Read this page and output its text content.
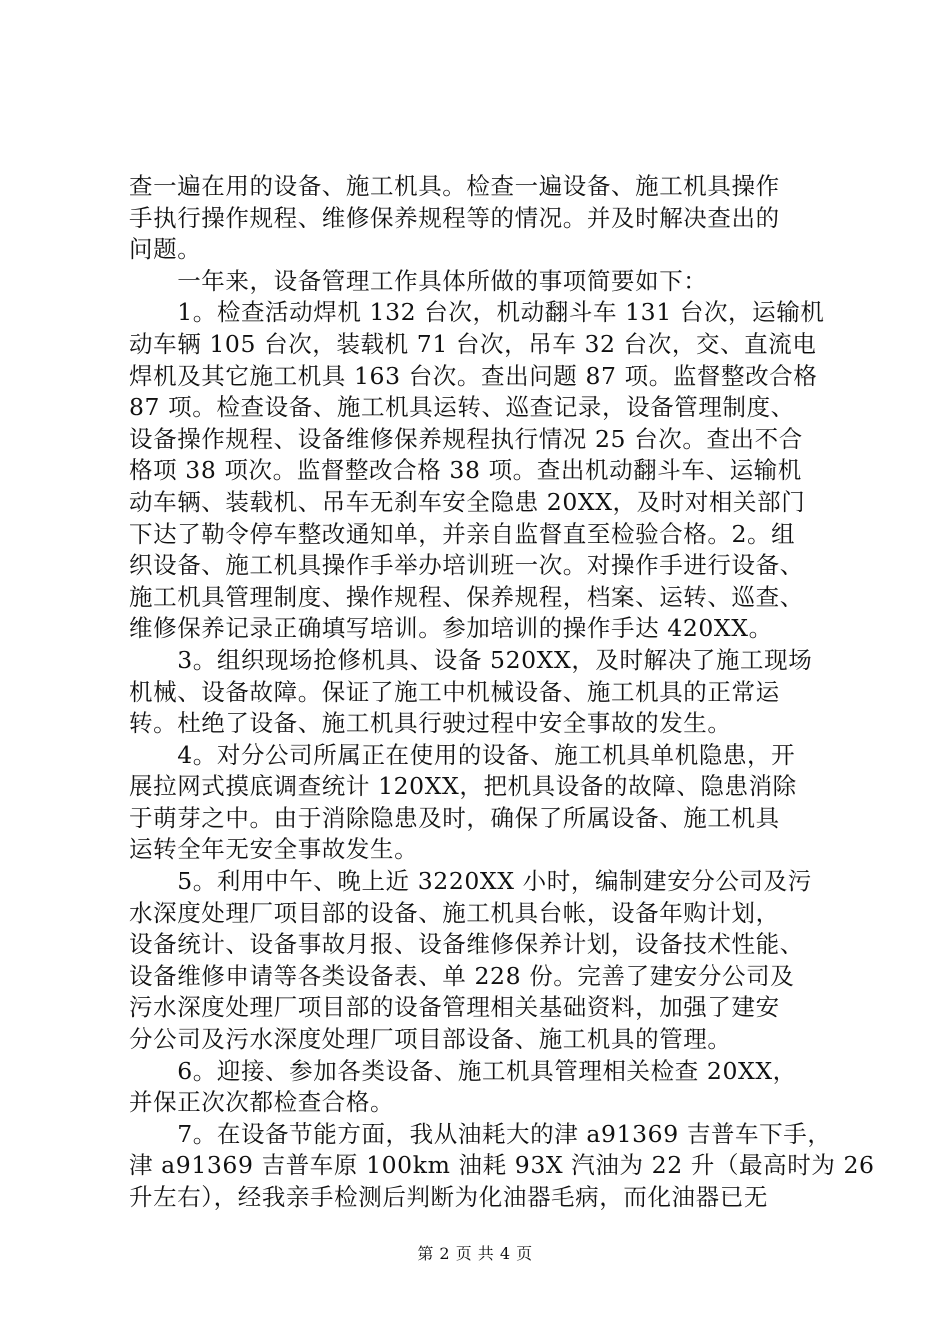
查一遍在用的设备、施工机具。检查一遍设备、施工机具操作
手执行操作规程、维修保养规程等的情况。并及时解决查出的
问题。
　　一年来，设备管理工作具体所做的事项简要如下：
　　1。检查活动焊机 132 台次，机动翻斗车 131 台次，运输机
动车辆 105 台次，装载机 71 台次，吊车 32 台次，交、直流电
焊机及其它施工机具 163 台次。查出问题 87 项。监督整改合格
87 项。检查设备、施工机具运转、巡查记录，设备管理制度、
设备操作规程、设备维修保养规程执行情况 25 台次。查出不合
格项 38 项次。监督整改合格 38 项。查出机动翻斗车、运输机
动车辆、装载机、吊车无刹车安全隐患 20XX，及时对相关部门
下达了勒令停车整改通知单，并亲自监督直至检验合格。2。组
织设备、施工机具操作手举办培训班一次。对操作手进行设备、
施工机具管理制度、操作规程、保养规程，档案、运转、巡查、
维修保养记录正确填写培训。参加培训的操作手达 420XX。
　　3。组织现场抢修机具、设备 520XX，及时解决了施工现场
机械、设备故障。保证了施工中机械设备、施工机具的正常运
转。杜绝了设备、施工机具行驶过程中安全事故的发生。
　　4。对分公司所属正在使用的设备、施工机具单机隐患，开
展拉网式摸底调查统计 120XX，把机具设备的故障、隐患消除
于萌芽之中。由于消除隐患及时，确保了所属设备、施工机具
运转全年无安全事故发生。
　　5。利用中午、晚上近 3220XX 小时，编制建安分公司及污
水深度处理厂项目部的设备、施工机具台帐，设备年购计划，
设备统计、设备事故月报、设备维修保养计划，设备技术性能、
设备维修申请等各类设备表、单 228 份。完善了建安分公司及
污水深度处理厂项目部的设备管理相关基础资料，加强了建安
分公司及污水深度处理厂项目部设备、施工机具的管理。
　　6。迎接、参加各类设备、施工机具管理相关检查 20XX，
并保正次次都检查合格。
　　7。在设备节能方面，我从油耗大的津 a91369 吉普车下手，
津 a91369 吉普车原 100km 油耗 93X 汽油为 22 升（最高时为 26
升左右），经我亲手检测后判断为化油器毛病，而化油器已无
第 2 页 共 4 页
